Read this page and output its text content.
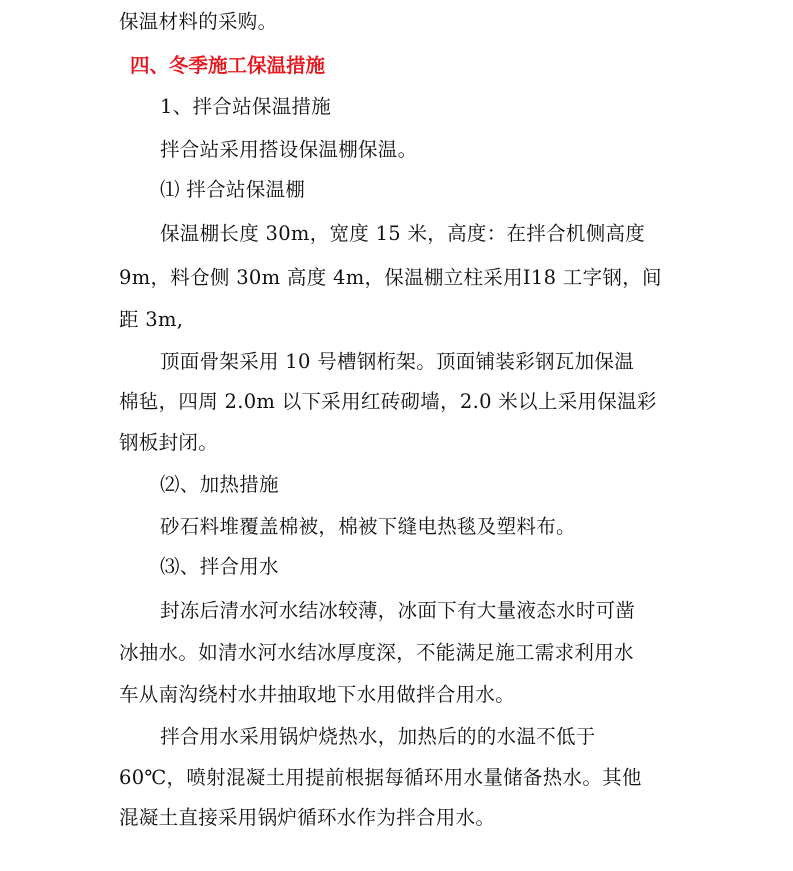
保温材料的采购。
四、冬季施工保温措施
1、拌合站保温措施
拌合站采用搭设保温棚保温。
⑴ 拌合站保温棚
保温棚长度 30m，宽度 15 米，高度：在拌合机侧高度
9m，料仓侧 30m 高度 4m，保温棚立柱采用Ⅰ18 工字钢，间
距 3m,
顶面骨架采用 10 号槽钢桁架。顶面铺装彩钢瓦加保温
棉毡，四周 2.0m 以下采用红砖砌墙，2.0 米以上采用保温彩
钢板封闭。
⑵、加热措施
砂石料堆覆盖棉被，棉被下缝电热毯及塑料布。
⑶、拌合用水
封冻后清水河水结冰较薄，冰面下有大量液态水时可凿
冰抽水。如清水河水结冰厚度深，不能满足施工需求利用水
车从南沟绕村水井抽取地下水用做拌合用水。
拌合用水采用锅炉烧热水，加热后的的水温不低于
60℃，喷射混凝土用提前根据每循环用水量储备热水。其他
混凝土直接采用锅炉循环水作为拌合用水。
